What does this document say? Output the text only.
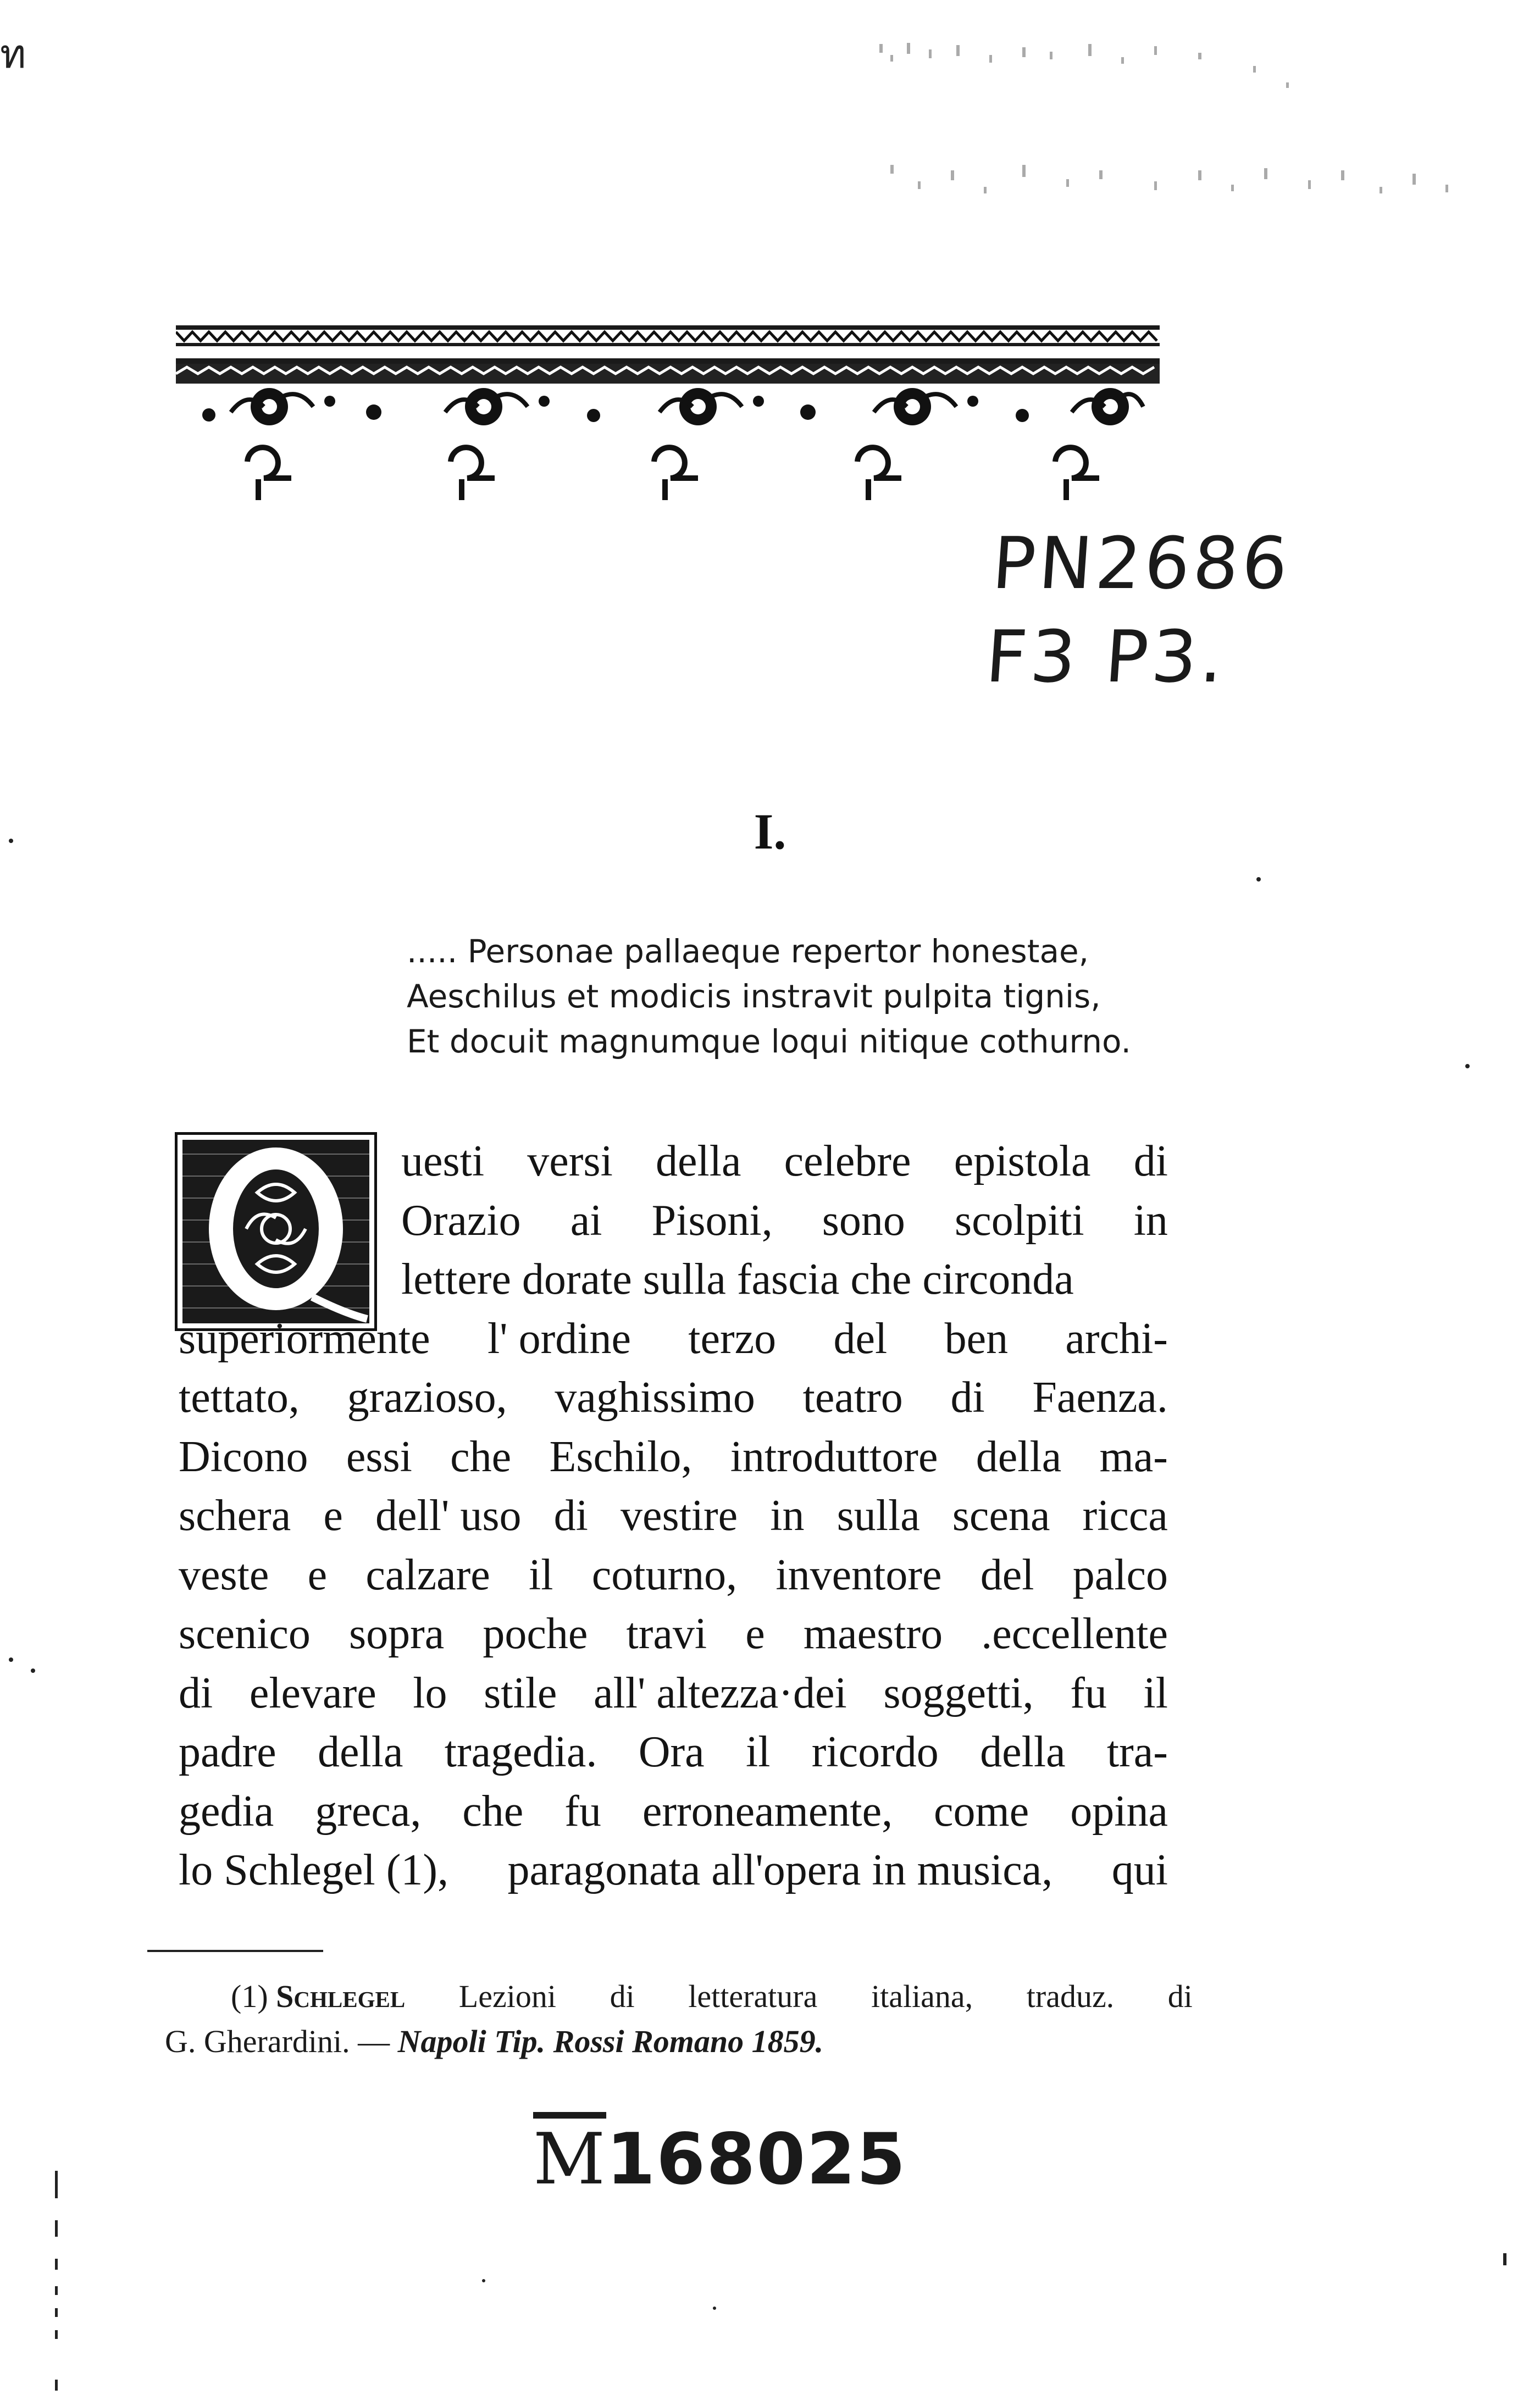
ท
PN2686
F3 P3.
I.
..... Personae pallaeque repertor honestae,
Aeschilus et modicis instravit pulpita tignis,
Et docuit magnumque loqui nitique cothurno.
uesti versi della celebre epistola di
Orazio ai Pisoni, sono scolpiti in
lettere dorate sulla fascia che circonda
superiormente l' ordine terzo del ben archi-
tettato, grazioso, vaghissimo teatro di Faenza.
Dicono essi che Eschilo, introduttore della ma-
schera e dell' uso di vestire in sulla scena ricca
veste e calzare il coturno, inventore del palco
scenico sopra poche travi e maestro .eccellente
di elevare lo stile all' altezza·dei soggetti, fu il
padre della tragedia. Ora il ricordo della tra-
gedia greca, che fu erroneamente, come opina
lo Schlegel (1), paragonata all'opera in musica, qui
(1) Schlegel Lezioni di letteratura italiana, traduz. di
G. Gherardini. — Napoli Tip. Rossi Romano 1859.
$\overline{M}168025$
